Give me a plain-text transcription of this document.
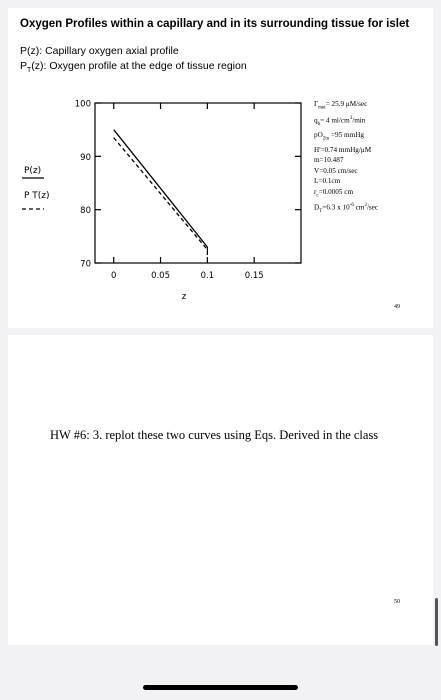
Oxygen Profiles within a capillary and in its surrounding tissue for islet
P(z): Capillary oxygen axial profile
$P_T(z)$: Oxygen profile at the edge of tissue region
100
90
80
70
0	0.05	0.1	0.15
z
P(z)
P T(z)
$\Gamma_{met}= 25.9$ μM/sec
$q_b= 4$ $ml/cm^3/\min$
$pO_{2in} =95$ mmHg
H'=0.74 mmHg/μM
m=10.487
V=0.05 cm/sec
L=0.1cm
$r_c=0.0005$ cm
$D_T=6.3$ x $10^{-6}$ $cm^2/\sec$
49
HW #6: 3. replot these two curves using Eqs. Derived in the class
50
